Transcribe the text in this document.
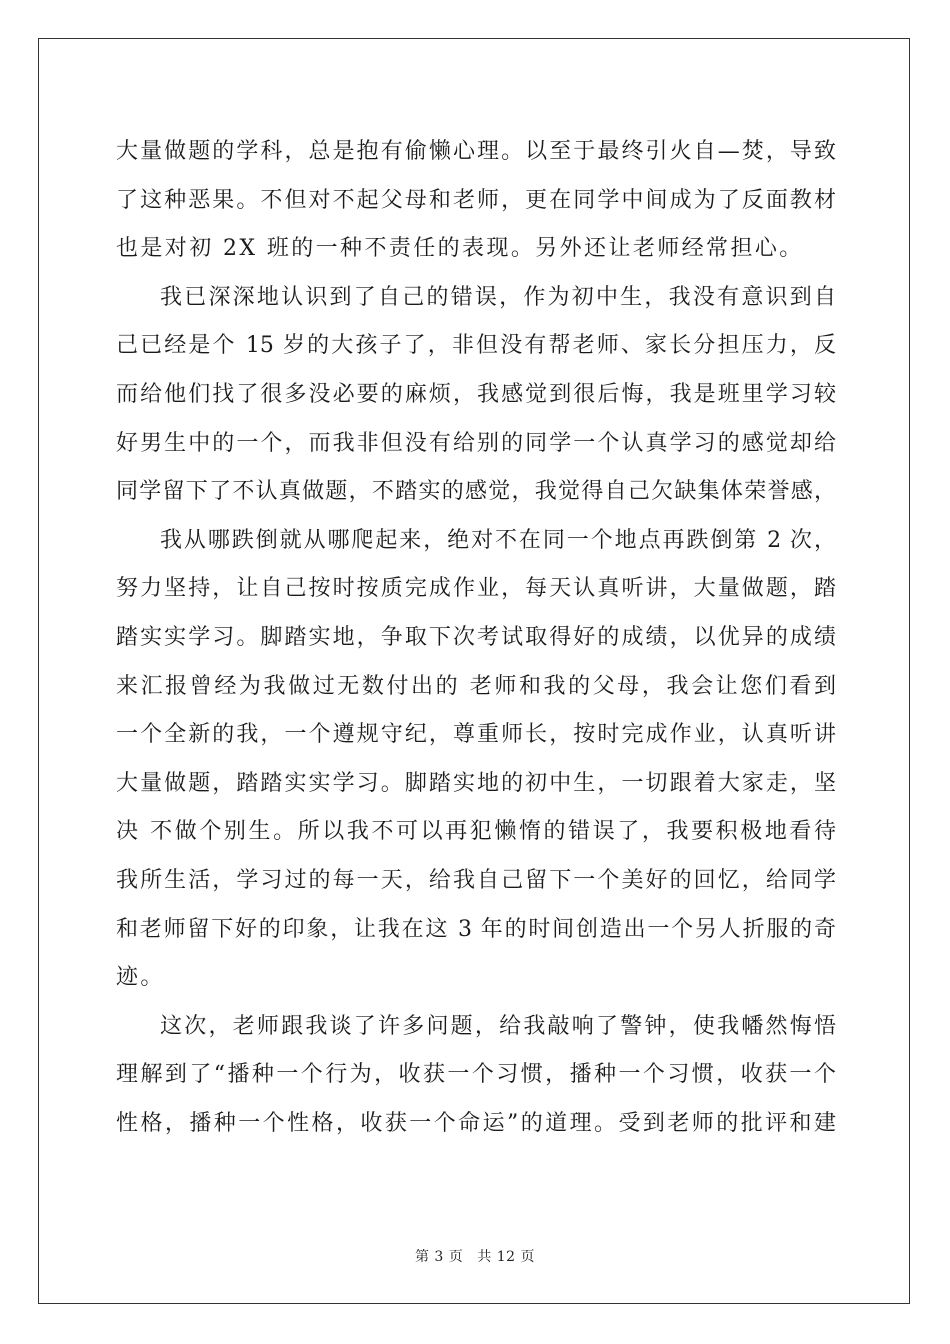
大量做题的学科，总是抱有偷懒心理。以至于最终引火自—焚，导致
了这种恶果。不但对不起父母和老师，更在同学中间成为了反面教材
也是对初 2X 班的一种不责任的表现。另外还让老师经常担心。
我已深深地认识到了自己的错误，作为初中生，我没有意识到自
己已经是个 15 岁的大孩子了，非但没有帮老师、家长分担压力，反
而给他们找了很多没必要的麻烦，我感觉到很后悔，我是班里学习较
好男生中的一个，而我非但没有给别的同学一个认真学习的感觉却给
同学留下了不认真做题，不踏实的感觉，我觉得自己欠缺集体荣誉感，
我从哪跌倒就从哪爬起来，绝对不在同一个地点再跌倒第 2 次，
努力坚持，让自己按时按质完成作业，每天认真听讲，大量做题，踏
踏实实学习。脚踏实地，争取下次考试取得好的成绩，以优异的成绩
来汇报曾经为我做过无数付出的 老师和我的父母，我会让您们看到
一个全新的我，一个遵规守纪，尊重师长，按时完成作业，认真听讲
大量做题，踏踏实实学习。脚踏实地的初中生，一切跟着大家走，坚
决 不做个别生。所以我不可以再犯懒惰的错误了，我要积极地看待
我所生活，学习过的每一天，给我自己留下一个美好的回忆，给同学
和老师留下好的印象，让我在这 3 年的时间创造出一个另人折服的奇
迹。
这次，老师跟我谈了许多问题，给我敲响了警钟，使我幡然悔悟
理解到了“播种一个行为，收获一个习惯，播种一个习惯，收获一个
性格，播种一个性格，收获一个命运”的道理。受到老师的批评和建
第 3 页 共 12 页
